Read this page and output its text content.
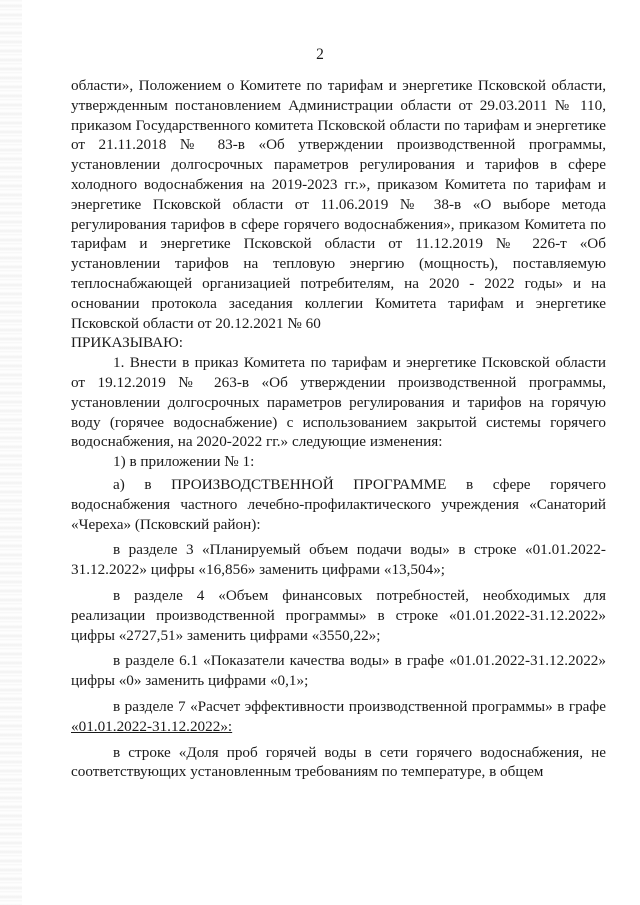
2

области», Положением о Комитете по тарифам и энергетике Псковской области, утвержденным постановлением Администрации области от 29.03.2011 № 110, приказом Государственного комитета Псковской области по тарифам и энергетике от 21.11.2018 № 83-в «Об утверждении производственной программы, установлении долгосрочных параметров регулирования и тарифов в сфере холодного водоснабжения на 2019-2023 гг.», приказом Комитета по тарифам и энергетике Псковской области от 11.06.2019 № 38-в «О выборе метода регулирования тарифов в сфере горячего водоснабжения», приказом Комитета по тарифам и энергетике Псковской области от 11.12.2019 № 226-т «Об установлении тарифов на тепловую энергию (мощность), поставляемую теплоснабжающей организацией потребителям, на 2020 - 2022 годы» и на основании протокола заседания коллегии Комитета тарифам и энергетике Псковской области от 20.12.2021 № 60

ПРИКАЗЫВАЮ:

1. Внести в приказ Комитета по тарифам и энергетике Псковской области от 19.12.2019 № 263-в «Об утверждении производственной программы, установлении долгосрочных параметров регулирования и тарифов на горячую воду (горячее водоснабжение) с использованием закрытой системы горячего водоснабжения, на 2020-2022 гг.» следующие изменения:

1) в приложении № 1:

а) в ПРОИЗВОДСТВЕННОЙ ПРОГРАММЕ в сфере горячего

водоснабжения частного лечебно-профилактического учреждения «Санаторий «Череха» (Псковский район):

в разделе 3 «Планируемый объем подачи воды» в строке «01.01.2022-31.12.2022» цифры «16,856» заменить цифрами «13,504»;

в разделе 4 «Объем финансовых потребностей, необходимых для реализации производственной программы» в строке «01.01.2022-31.12.2022» цифры «2727,51» заменить цифрами «3550,22»;

в разделе 6.1 «Показатели качества воды» в графе «01.01.2022-31.12.2022» цифры «0» заменить цифрами «0,1»;

в разделе 7 «Расчет эффективности производственной программы» в графе «01.01.2022-31.12.2022»:

в строке «Доля проб горячей воды в сети горячего водоснабжения, не соответствующих установленным требованиям по температуре, в общем
